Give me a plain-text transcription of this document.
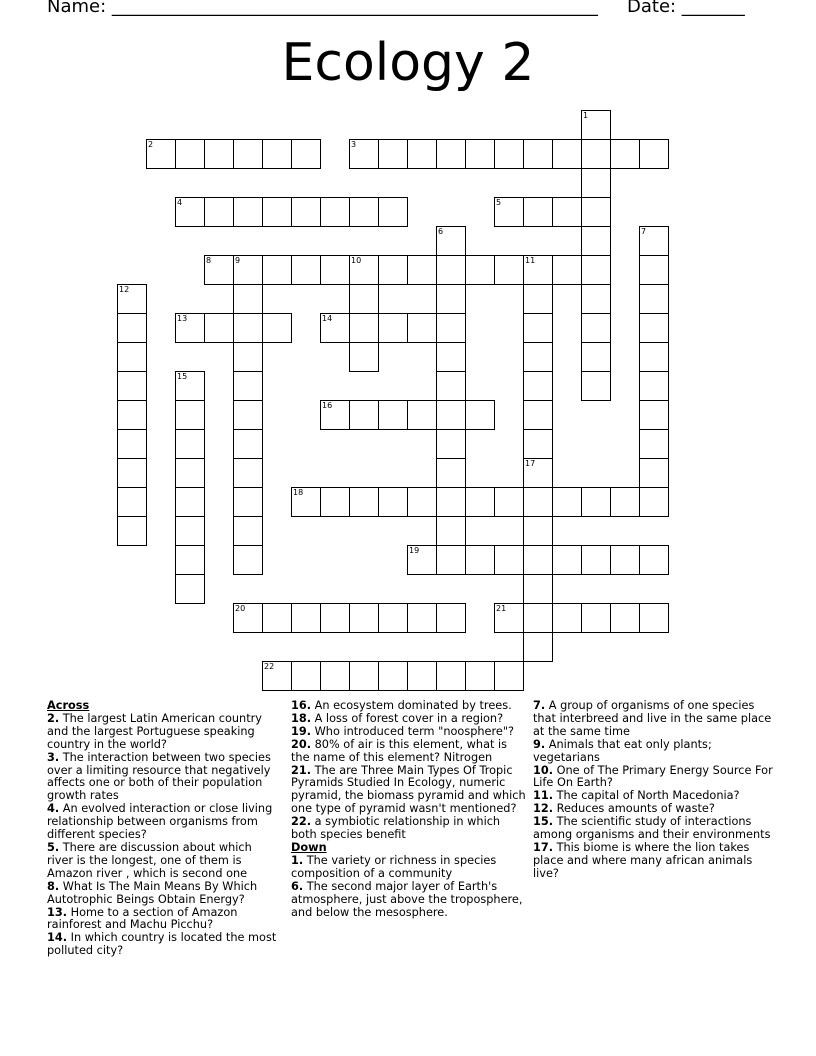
Name: ______________________________________________________ Date: _______
Ecology 2
2	3
4	5
8	9	10	11
13	14
16
18
19
20	21
22
1
6	7
12
15
17
Across
2. The largest Latin American country and the largest Portuguese speaking country in the world?
3. The interaction between two species over a limiting resource that negatively affects one or both of their population growth rates
4. An evolved interaction or close living relationship between organisms from different species?
5. There are discussion about which river is the longest, one of them is Amazon river , which is second one
8. What Is The Main Means By Which Autotrophic Beings Obtain Energy?
13. Home to a section of Amazon rainforest and Machu Picchu?
14. In which country is located the most polluted city?
16. An ecosystem dominated by trees.
18. A loss of forest cover in a region?
19. Who introduced term "noosphere"?
20. 80% of air is this element, what is the name of this element? Nitrogen
21. The are Three Main Types Of Tropic Pyramids Studied In Ecology, numeric pyramid, the biomass pyramid and which one type of pyramid wasn't mentioned?
22. a symbiotic relationship in which both species benefit
Down
1. The variety or richness in species composition of a community
6. The second major layer of Earth's atmosphere, just above the troposphere, and below the mesosphere.
7. A group of organisms of one species that interbreed and live in the same place at the same time
9. Animals that eat only plants; vegetarians
10. One of The Primary Energy Source For Life On Earth?
11. The capital of North Macedonia?
12. Reduces amounts of waste?
15. The scientific study of interactions among organisms and their environments
17. This biome is where the lion takes place and where many african animals live?
